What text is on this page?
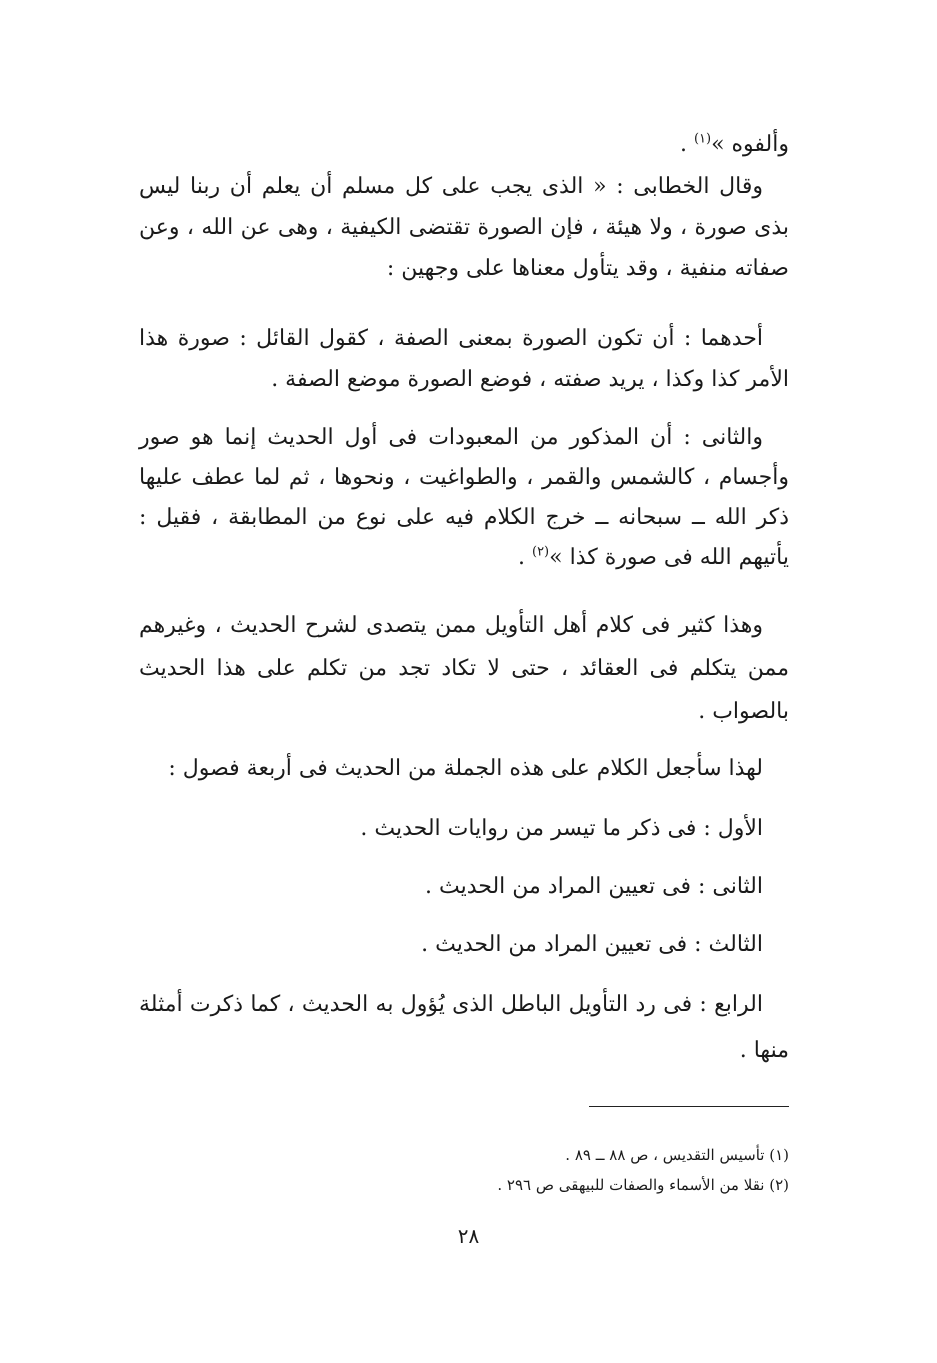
وألفوه »$^{(١)}$ .

وقال الخطابى : « الذى يجب على كل مسلم أن يعلم أن ربنا ليس بذى صورة ، ولا هيئة ، فإن الصورة تقتضى الكيفية ، وهى عن الله ، وعن صفاته منفية ، وقد يتأول معناها على وجهين :

أحدهما : أن تكون الصورة بمعنى الصفة ، كقول القائل : صورة هذا الأمر كذا وكذا ، يريد صفته ، فوضع الصورة موضع الصفة .

والثانى : أن المذكور من المعبودات فى أول الحديث إنما هو صور وأجسام ، كالشمس والقمر ، والطواغيت ، ونحوها ، ثم لما عطف عليها ذكر الله ــ سبحانه ــ خرج الكلام فيه على نوع من المطابقة ، فقيل : يأتيهم الله فى صورة كذا »$^{(٢)}$ .

وهذا كثير فى كلام أهل التأويل ممن يتصدى لشرح الحديث ، وغيرهم ممن يتكلم فى العقائد ، حتى لا تكاد تجد من تكلم على هذا الحديث بالصواب .

لهذا سأجعل الكلام على هذه الجملة من الحديث فى أربعة فصول :

الأول : فى ذكر ما تيسر من روايات الحديث .

الثانى : فى تعيين المراد من الحديث .

الثالث : فى تعيين المراد من الحديث .

الرابع : فى رد التأويل الباطل الذى يُؤول به الحديث ، كما ذكرت أمثلة منها .

(١) تأسيس التقديس ، ص ٨٨ ــ ٨٩ .

(٢) نقلا من الأسماء والصفات للبيهقى ص ٢٩٦ .

٢٨
